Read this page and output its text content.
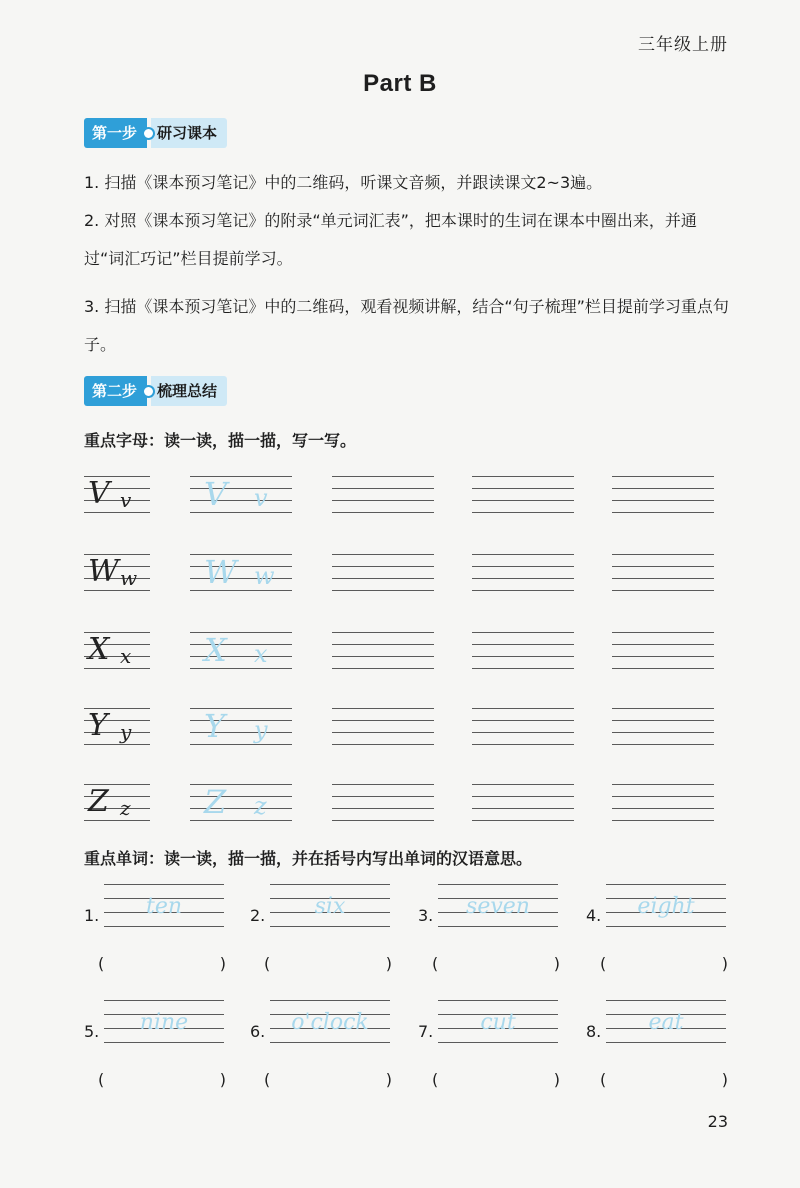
三年级上册
Part B
第一步	研习课本
1. 扫描《课本预习笔记》中的二维码，听课文音频，并跟读课文2~3遍。
2. 对照《课本预习笔记》的附录“单元词汇表”，把本课时的生词在课本中圈出来，并通过“词汇巧记”栏目提前学习。
3. 扫描《课本预习笔记》中的二维码，观看视频讲解，结合“句子梳理”栏目提前学习重点句子。
第二步	梳理总结
重点字母：读一读，描一描，写一写。
V v V v
W w W w
X x X x
Y y Y y
Z z Z z
重点单词：读一读，描一描，并在括号内写出单词的汉语意思。
1.	ten
(	)
2.	six
(	)
3.	seven
(	)
4.	eight
(	)
5.	nine
(	)
6.	o'clock
(	)
7.	cut
(	)
8.	eat
(	)
23
